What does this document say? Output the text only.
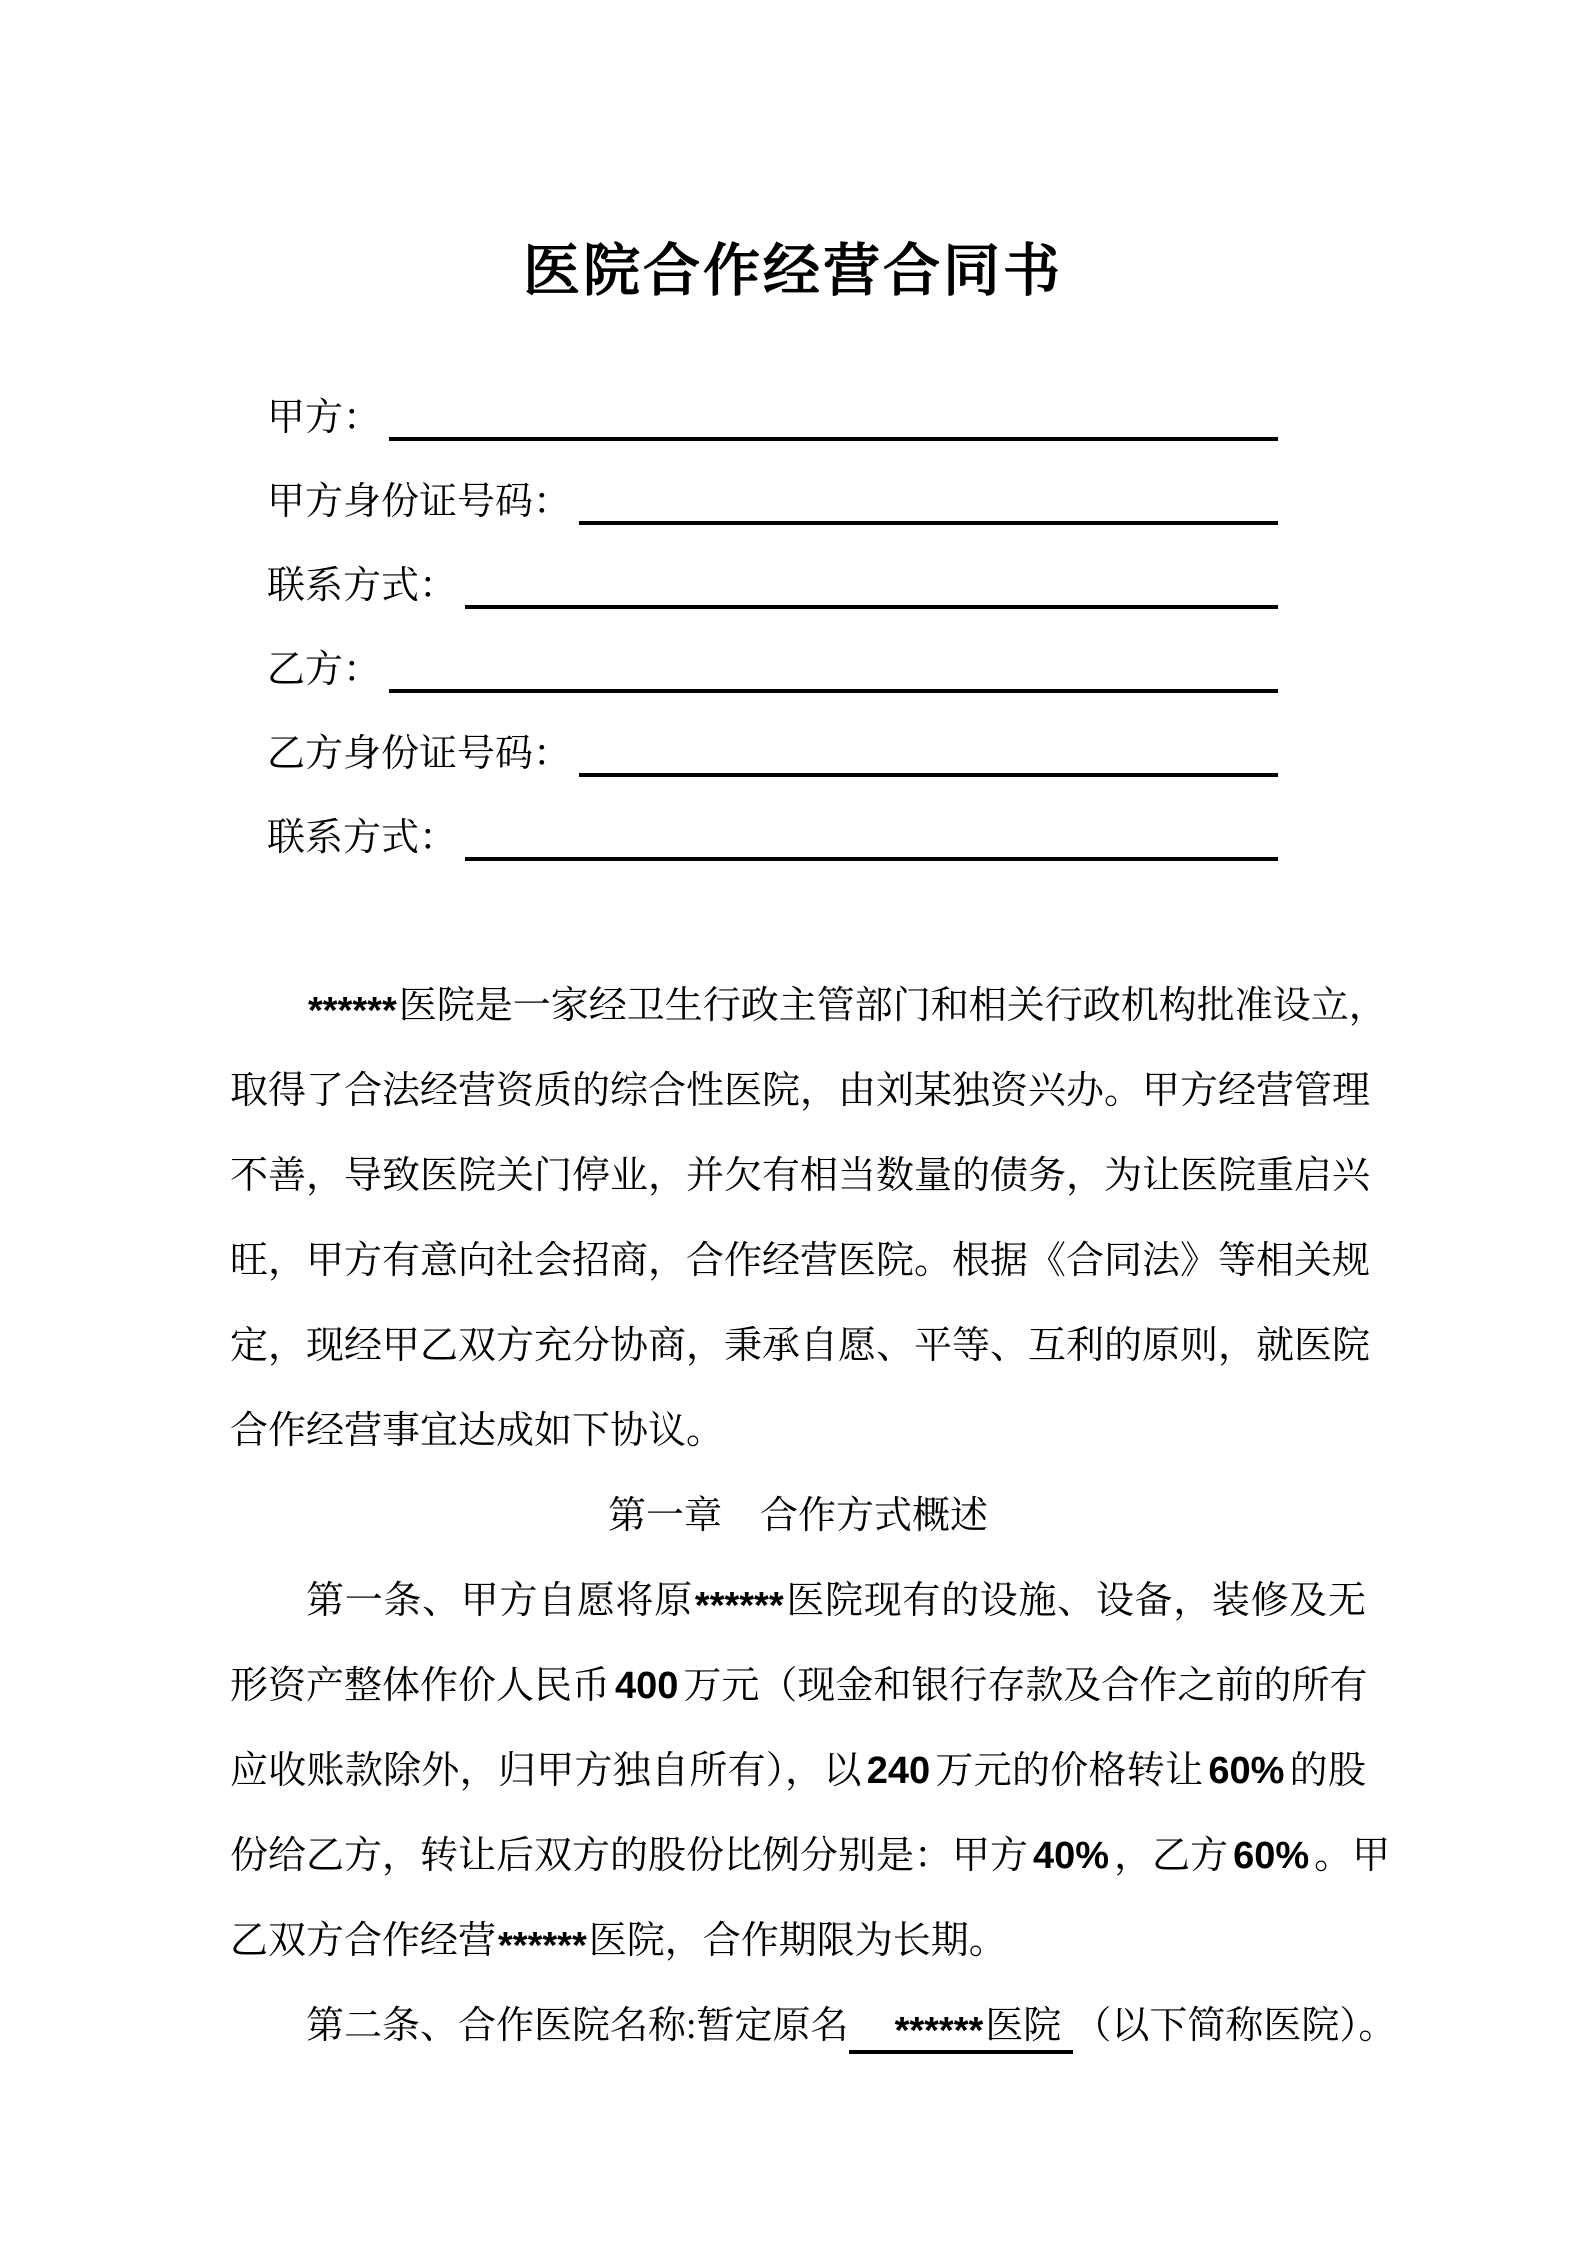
医院合作经营合同书
甲方：
甲方身份证号码：
联系方式：
乙方：
乙方身份证号码：
联系方式：
******医院是一家经卫生行政主管部门和相关行政机构批准设立，
取得了合法经营资质的综合性医院，由刘某独资兴办。甲方经营管理
不善，导致医院关门停业，并欠有相当数量的债务，为让医院重启兴
旺，甲方有意向社会招商，合作经营医院。根据《合同法》等相关规
定，现经甲乙双方充分协商，秉承自愿、平等、互利的原则，就医院
合作经营事宜达成如下协议。
第一章　合作方式概述
第一条、甲方自愿将原******医院现有的设施、设备，装修及无
形资产整体作价人民币 400 万元（现金和银行存款及合作之前的所有
应收账款除外，归甲方独自所有），以 240 万元的价格转让 60% 的股
份给乙方，转让后双方的股份比例分别是：甲方 40% ，乙方 60% 。甲
乙双方合作经营******医院，合作期限为长期。
第二条、合作医院名称:暂定原名 ******医院 （以下简称医院）。
